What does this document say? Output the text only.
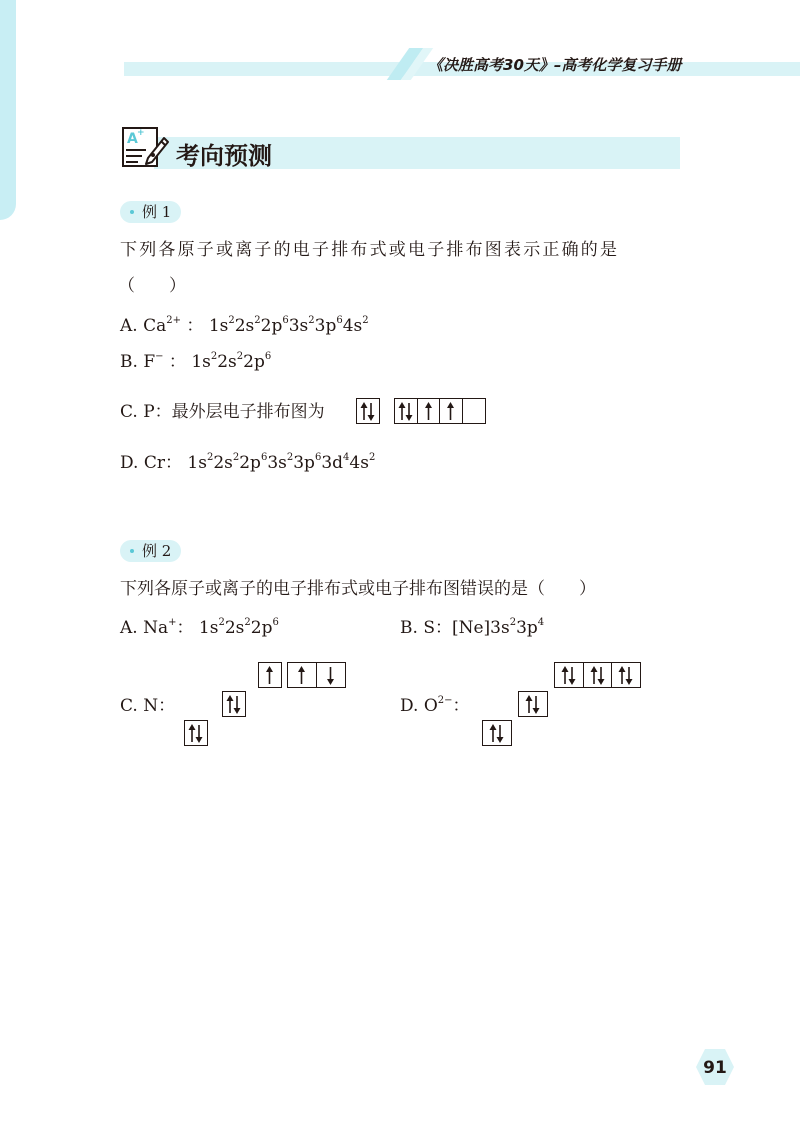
《决胜高考30天》–高考化学复习手册
A +
考向预测
例 1
下列各原子或离子的电子排布式或电子排布图表示正确的是
（　　）
A. $Ca^{2+}$ ： $1s^22s^22p^63s^23p^64s^2$
B. F− ： $1s^22s^22p^6$
C. P：最外层电子排布图为
D. Cr： $1s^22s^22p^63s^23p^63d^44s^2$
例 2
下列各原子或离子的电子排布式或电子排布图错误的是（　　）
A. Na+： $1s^22s^22p^6$	B. S：$[Ne]3s^23p^4$
C. N：	D. $O^{2-}$：
91
